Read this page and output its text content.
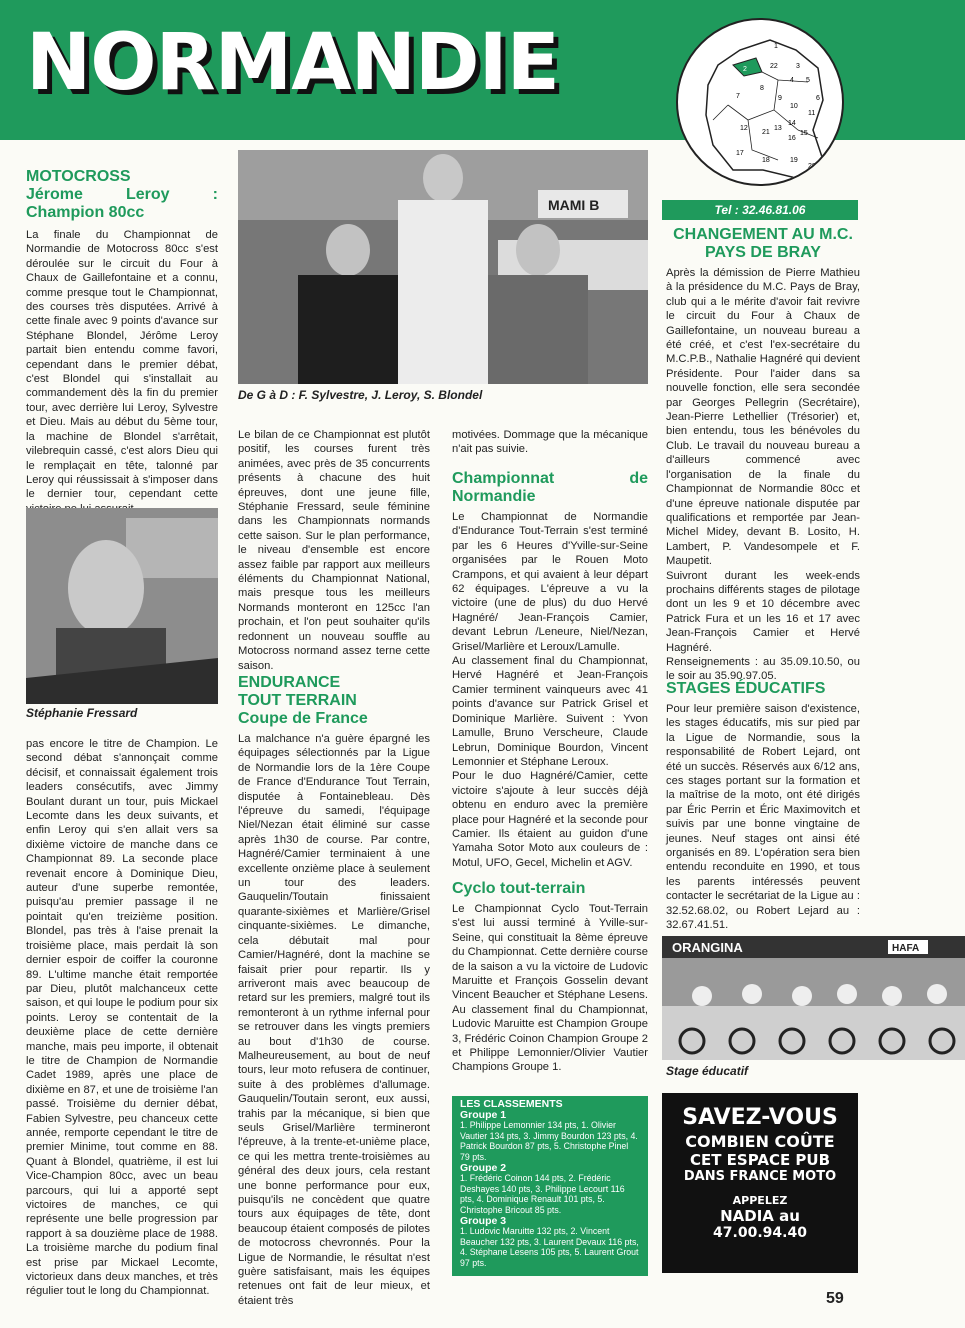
NORMANDIE	1
22	3
2
4 5
6
8
7	9
10
11
12	13
14
15
16
17
21
18	19
20
2c
Tel : 32.46.81.06
MOTOCROSS
Jérome Leroy : Champion 80cc

La finale du Championnat de Normandie de Motocross 80cc s'est déroulée sur le circuit du Four à Chaux de Gaillefontaine et a connu, comme presque tout le Championnat, des courses très disputées. Arrivé à cette finale avec 9 points d'avance sur Stéphane Blondel, Jérôme Leroy partait bien entendu comme favori, cependant dans le premier débat, c'est Blondel qui s'installait au commandement dès la fin du premier tour, avec derrière lui Leroy, Sylvestre et Dieu. Mais au début du 5ème tour, la machine de Blondel s'arrêtait, vilebrequin cassé, c'est alors Dieu qui le remplaçait en tête, talonné par Leroy qui réussissait à s'imposer dans le dernier tour, cependant cette

Stéphanie Fressard

pas encore le titre de Champion. Le second débat s'annonçait comme décisif, et connaissait également trois leaders consécutifs, avec Jimmy Boulant durant un tour, puis Mickael Lecomte dans les deux suivants, et enfin Leroy qui s'en allait vers sa dixième victoire de manche dans ce Championnat 89. La seconde place revenait encore à Dominique Dieu, auteur d'une superbe remontée, puisqu'au premier passage il ne pointait qu'en treizième position. Blondel, pas très à l'aise prenait la troisième place, mais perdait là son dernier espoir de coiffer la couronne 89. L'ultime manche était remportée par Dieu, plutôt malchanceux cette saison, et qui loupe le podium pour six points. Leroy se contentait de la deuxième place de cette dernière manche, mais peu importe, il obtenait le titre de Champion de Normandie Cadet 1989, après une place de dixième en 87, et une de troisième l'an passé. Troisième du dernier débat, Fabien Sylvestre, peu chanceux cette année, remporte cependant le titre de premier Minime, tout comme en 88. Quant à Blondel, quatrième, il est lui Vice-Champion 80cc, avec un beau parcours, qui lui a apporté sept victoires de manches, ce qui représente une belle progression par rapport à sa douzième place de 1988. La troisième marche du podium final est prise par Mickael Lecomte, victorieux dans deux manches, et très régulier tout le long du Championnat.

MAMI B
De G à D : F. Sylvestre, J. Leroy, S. Blondel

Le bilan de ce Championnat est plutôt positif, les courses furent très animées, avec près de 35 concurrents présents à chacune des huit épreuves, dont une jeune fille, Stéphanie Fressard, seule féminine dans les Championnats normands cette saison. Sur le plan performance, le niveau d'ensemble est encore assez faible par rapport aux meilleurs éléments du Championnat National, mais presque tous les meilleurs Normands monteront en 125cc l'an prochain, et l'on peut souhaiter qu'ils redonnent un nouveau souffle au Motocross normand assez terne cette saison.

ENDURANCE
TOUT TERRAIN
Coupe de France

La malchance n'a guère épargné les équipages sélectionnés par la Ligue de Normandie lors de la 1ère Coupe de France d'Endurance Tout Terrain, disputée à Fontainebleau. Dès l'épreuve du samedi, l'équipage Niel/Nezan était éliminé sur casse après 1h30 de course. Par contre, Hagnéré/Camier terminaient à une excellente onzième place à seulement un tour des leaders. Gauquelin/Toutain finissaient quarante-sixièmes et Marlière/Grisel cinquante-sixièmes. Le dimanche, cela débutait mal pour Camier/Hagnéré, dont la machine se faisait prier pour repartir. Ils y arriveront mais avec beaucoup de retard sur les premiers, malgré tout ils remonteront à un rythme infernal pour se retrouver dans les vingts premiers au bout d'1h30 de course. Malheureusement, au bout de neuf tours, leur moto refusera de continuer, suite à des problèmes d'allumage. Gauquelin/Toutain seront, eux aussi, trahis par la mécanique, si bien que seuls Grisel/Marlière termineront l'épreuve, à la trente-et-unième place, ce qui les mettra trente-troisièmes au général des deux jours, cela restant une bonne performance pour eux, puisqu'ils ne concèdent que quatre tours aux équipages de tête, dont beaucoup étaient composés de pilotes de motocross chevronnés. Pour la Ligue de Normandie, le résultat n'est guère satisfaisant, mais les équipes retenues ont fait de leur mieux, et étaient très

motivées. Dommage que la mécanique n'ait pas suivie.

Championnat de Normandie

Le Championnat de Normandie d'Endurance Tout-Terrain s'est terminé par les 6 Heures d'Yville-sur-Seine organisées par le Rouen Moto Crampons, et qui avaient à leur départ 62 équipages. L'épreuve a vu la victoire (une de plus) du duo Hervé Hagnéré/ Jean-François Camier, devant Lebrun /Leneure, Niel/Nezan, Grisel/Marlière et Leroux/Lamulle.

Au classement final du Championnat, Hervé Hagnéré et Jean-François Camier terminent vainqueurs avec 41 points d'avance sur Patrick Grisel et Dominique Marlière. Suivent : Yvon Lamulle, Bruno Verscheure, Claude Lebrun, Dominique Bourdon, Vincent Lemonnier et Stéphane Leroux.

Pour le duo Hagnéré/Camier, cette victoire s'ajoute à leur succès déjà obtenu en enduro avec la première place pour Hagnéré et la seconde pour Camier. Ils étaient au guidon d'une Yamaha Sotor Moto aux couleurs de : Motul, UFO, Gecel, Michelin et AGV.

Cyclo tout-terrain

Le Championnat Cyclo Tout-Terrain s'est lui aussi terminé à Yville-sur-Seine, qui constituait la 8ème épreuve du Championnat. Cette dernière course de la saison a vu la victoire de Ludovic Maruitte et François Gosselin devant Vincent Beaucher et Stéphane Lesens. Au classement final du Championnat, Ludovic Maruitte est Champion Groupe 3, Frédéric Coinon Champion Groupe 2 et Philippe Lemonnier/Olivier Vautier Champions Groupe 1.

LES CLASSEMENTS
Groupe 1
1. Philippe Lemonnier 134 pts, 1. Olivier Vautier 134 pts, 3. Jimmy Bourdon 123 pts, 4. Patrick Bourdon 87 pts, 5. Christophe Pinel 79 pts.
Groupe 2
1. Frédéric Coinon 144 pts, 2. Frédéric Deshayes 140 pts, 3. Philippe Lecourt 116 pts, 4. Dominique Renault 101 pts, 5. Christophe Bricout 85 pts.
Groupe 3
1. Ludovic Maruitte 132 pts, 2. Vincent Beaucher 132 pts, 3. Laurent Devaux 116 pts, 4. Stéphane Lesens 105 pts, 5. Laurent Grout 97 pts.
CHANGEMENT AU M.C. PAYS DE BRAY

Après la démission de Pierre Mathieu à la présidence du M.C. Pays de Bray, club qui a le mérite d'avoir fait revivre le circuit du Four à Chaux de Gaillefontaine, un nouveau bureau a été créé, et c'est l'ex-secrétaire du M.C.P.B., Nathalie Hagnéré qui devient Présidente. Pour l'aider dans sa nouvelle fonction, elle sera secondée par Georges Pellegrin (Secrétaire), Jean-Pierre Lethellier (Trésorier) et, bien entendu, tous les bénévoles du Club. Le travail du nouveau bureau a d'ailleurs commencé avec l'organisation de la finale du Championnat de Normandie 80cc et d'une épreuve nationale disputée par qualifications et remportée par Jean-Michel Midey, devant B. Losito, H. Lambert, P. Vandesompele et F. Maupetit.

Suivront durant les week-ends prochains différents stages de pilotage dont un les 9 et 10 décembre avec Patrick Fura et un les 16 et 17 avec Jean-François Camier et Hervé Hagnéré.

Renseignements : au 35.09.10.50, ou le soir au 35.90.97.05.

STAGES ÉDUCATIFS

Pour leur première saison d'existence, les stages éducatifs, mis sur pied par la Ligue de Normandie, sous la responsabilité de Robert Lejard, ont été un succès. Réservés aux 6/12 ans, ces stages portant sur la formation et la maîtrise de la moto, ont été dirigés par Éric Perrin et Éric Maximovitch et suivis par une bonne vingtaine de jeunes. Neuf stages ont ainsi été organisés en 89. L'opération sera bien entendu reconduite en 1990, et tous les parents intéressés peuvent contacter le secrétariat de la Ligue au : 32.52.68.02, ou Robert Lejard au : 32.67.41.51.

ORANGINA	HAFA
Stage éducatif
SAVEZ-VOUS
COMBIEN COÛTE
CET ESPACE PUB
DANS FRANCE MOTO
APPELEZ
NADIA au
47.00.94.40
59
